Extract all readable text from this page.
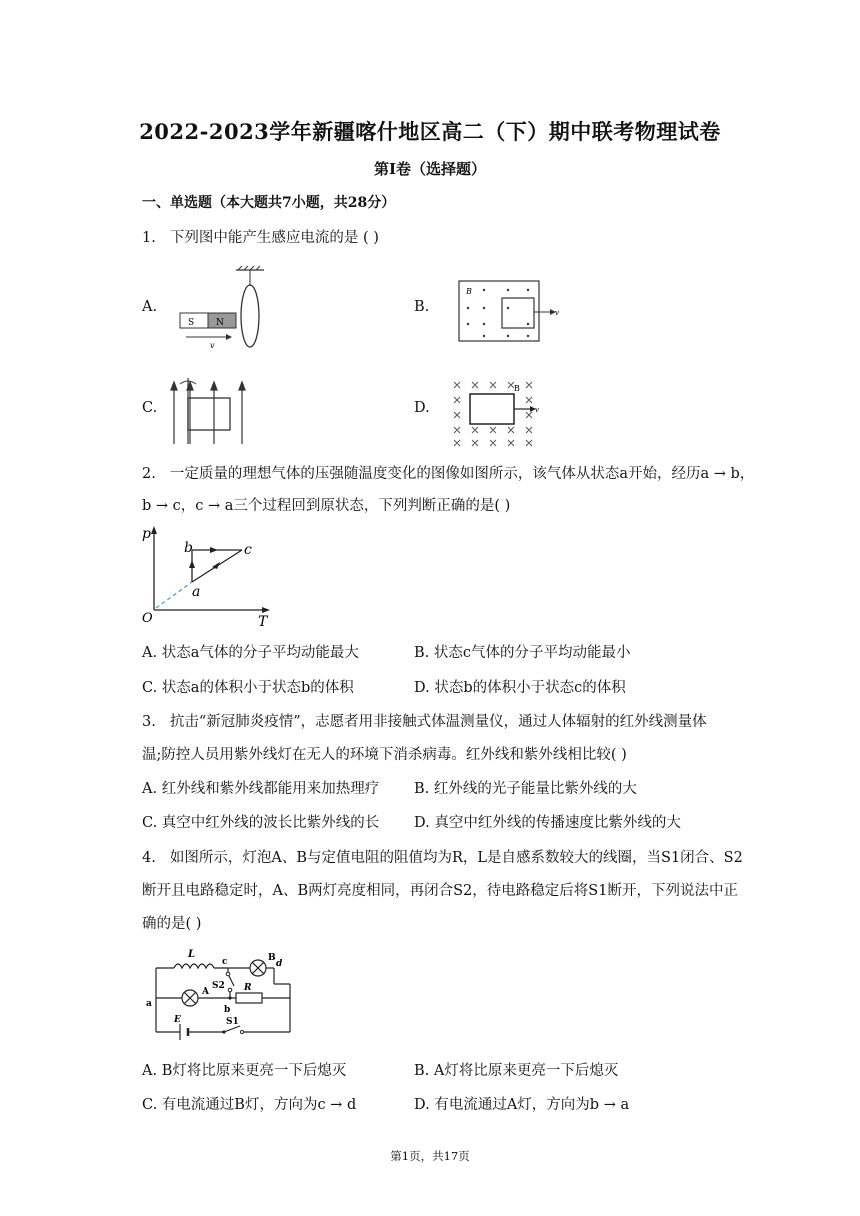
2022-2023学年新疆喀什地区高二（下）期中联考物理试卷
第I卷（选择题）
一、单选题（本大题共7小题，共28分）
1. 下列图中能产生感应电流的是 ( )
A.
S N
v
B.
B
v
C.	D.
B
v
2. 一定质量的理想气体的压强随温度变化的图像如图所示，该气体从状态a开始，经历a → b，
b → c，c → a三个过程回到原状态，下列判断正确的是( )
p
T
O
b	c
a
A. 状态a气体的分子平均动能最大	B. 状态c气体的分子平均动能最小
C. 状态a的体积小于状态b的体积	D. 状态b的体积小于状态c的体积
3. 抗击“新冠肺炎疫情”，志愿者用非接触式体温测量仪，通过人体辐射的红外线测量体
温;防控人员用紫外线灯在无人的环境下消杀病毒。红外线和紫外线相比较( )
A. 红外线和紫外线都能用来加热理疗 B. 红外线的光子能量比紫外线的大
C. 真空中红外线的波长比紫外线的长 D. 真空中红外线的传播速度比紫外线的大
4. 如图所示，灯泡A、B与定值电阻的阻值均为R，L是自感系数较大的线圈，当S1闭合、S2
断开且电路稳定时，A、B两灯亮度相同，再闭合S2，待电路稳定后将S1断开，下列说法中正
确的是( )
L
c	B
d
S2
a
A	R
b
E	S1
A. B灯将比原来更亮一下后熄灭	B. A灯将比原来更亮一下后熄灭
C. 有电流通过B灯，方向为c → d	D. 有电流通过A灯，方向为b → a
第1页，共17页
